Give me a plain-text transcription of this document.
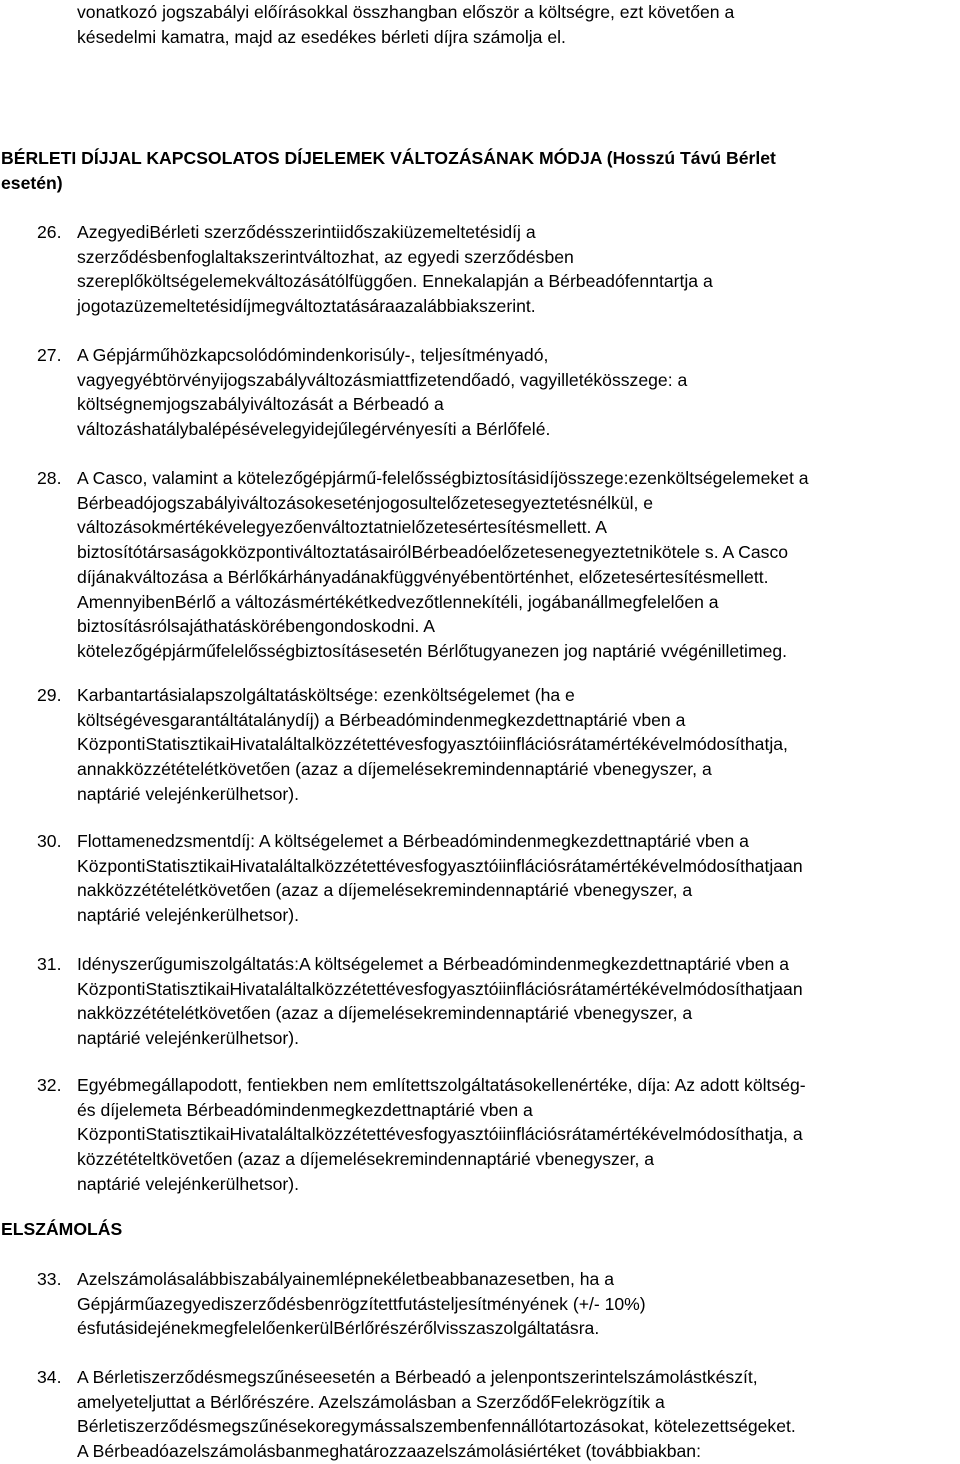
vonatkozó jogszabályi előírásokkal összhangban először a költségre, ezt követően a
késedelmi kamatra, majd az esedékes bérleti díjra számolja el.
BÉRLETI DÍJJAL KAPCSOLATOS DÍJELEMEK VÁLTOZÁSÁNAK MÓDJA (Hosszú Távú Bérlet
esetén)
26. AzegyediBérleti szerződésszerintiidőszakiüzemeltetésidíj a
szerződésbenfoglaltakszerintváltozhat, az egyedi szerződésben
szereplőköltségelemekváltozásátólfüggően. Ennekalapján a Bérbeadófenntartja a
jogotazüzemeltetésidíjmegváltoztatásáraazalábbiakszerint.
27. A Gépjárműhözkapcsolódómindenkorisúly-, teljesítményadó,
vagyegyébtörvényijogszabályváltozásmiattfizetendőadó, vagyilletékösszege: a
költségnemjogszabályiváltozását a Bérbeadó a
változáshatálybalépésévelegyidejűlegérvényesíti a Bérlőfelé.
28. A Casco, valamint a kötelezőgépjármű-felelősségbiztosításidíjösszege:ezenköltségelemeket a
Bérbeadójogszabályiváltozásokeseténjogosultelőzetesegyeztetésnélkül, e
változásokmértékévelegyezőenváltoztatnielőzetesértesítésmellett. A
biztosítótársaságokközpontiváltoztatásairólBérbeadóelőzetesenegyeztetnikötele s. A Casco
díjánakváltozása a Bérlőkárhányadánakfüggvényébentörténhet, előzetesértesítésmellett.
AmennyibenBérlő a változásmértékétkedvezőtlennekítéli, jogábanállmegfelelően a
biztosításrólsajáthatáskörébengondoskodni. A
kötelezőgépjárműfelelősségbiztosításesetén Bérlőtugyanezen jog naptárié vvégénilletimeg.
29. Karbantartásialapszolgáltatásköltsége: ezenköltségelemet (ha e
költségévesgarantáltátalánydíj) a Bérbeadómindenmegkezdettnaptárié vben a
KözpontiStatisztikaiHivataláltalközzétettévesfogyasztóiinflációsrátamértékévelmódosíthatja,
annakközzétételétkövetően (azaz a díjemelésekremindennaptárié vbenegyszer, a
naptárié velejénkerülhetsor).
30. Flottamenedzsmentdíj: A költségelemet a Bérbeadómindenmegkezdettnaptárié vben a
KözpontiStatisztikaiHivataláltalközzétettévesfogyasztóiinflációsrátamértékévelmódosíthatjaan
nakközzétételétkövetően (azaz a díjemelésekremindennaptárié vbenegyszer, a
naptárié velejénkerülhetsor).
31. Idényszerűgumiszolgáltatás:A költségelemet a Bérbeadómindenmegkezdettnaptárié vben a
KözpontiStatisztikaiHivataláltalközzétettévesfogyasztóiinflációsrátamértékévelmódosíthatjaan
nakközzétételétkövetően (azaz a díjemelésekremindennaptárié vbenegyszer, a
naptárié velejénkerülhetsor).
32. Egyébmegállapodott, fentiekben nem említettszolgáltatásokellenértéke, díja: Az adott költség-
és díjelemeta Bérbeadómindenmegkezdettnaptárié vben a
KözpontiStatisztikaiHivataláltalközzétettévesfogyasztóiinflációsrátamértékévelmódosíthatja, a
közzétételtkövetően (azaz a díjemelésekremindennaptárié vbenegyszer, a
naptárié velejénkerülhetsor).
ELSZÁMOLÁS
33. Azelszámolásalábbiszabályainemlépnekéletbeabbanazesetben, ha a
Gépjárműazegyediszerződésbenrögzítettfutásteljesítményének (+/- 10%)
ésfutásidejénekmegfelelőenkerülBérlőrészérőlvisszaszolgáltatásra.
34. A Bérletiszerződésmegszűnéseesetén a Bérbeadó a jelenpontszerintelszámolástkészít,
amelyeteljuttat a Bérlőrészére. Azelszámolásban a SzerződőFelekrögzítik a
Bérletiszerződésmegszűnésekoregymássalszembenfennállótartozásokat, kötelezettségeket.
A Bérbeadóazelszámolásbanmeghatározzaazelszámolásiértéket (továbbiakban:
